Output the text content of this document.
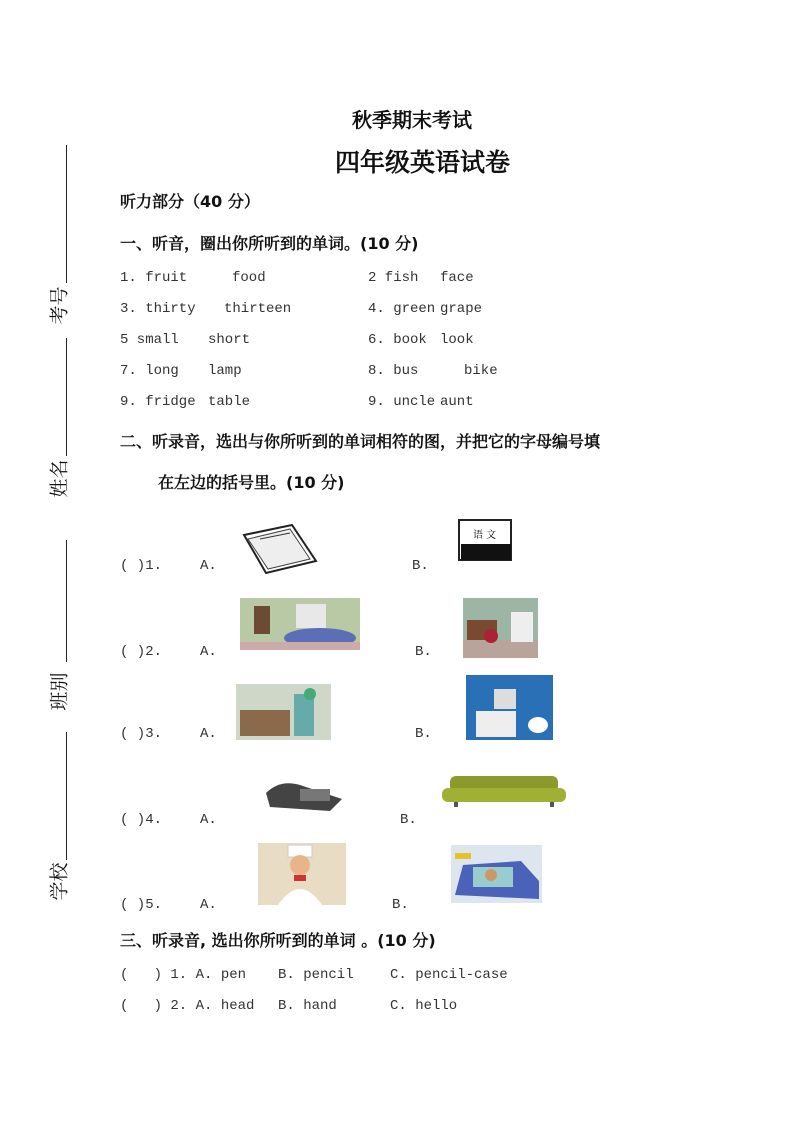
考号
姓名
班别
学校
秋季期末考试
四年级英语试卷
听力部分（40 分）
一、听音，圈出你所听到的单词。(10 分)
1. fruit	food	2 fish face
3. thirty thirteen	4. green grape
5 small short	6. book look
7. long lamp	8. bus	bike
9. fridge table	9. uncle aunt
二、听录音，选出与你所听到的单词相符的图，并把它的字母编号填
在左边的括号里。(10 分)
( )1.	A.	B.
( )2.	A.	B.
( )3.	A.	B.
( )4.	A.	B.
( )5.	A.	B.
语 文
三、听录音, 选出你所听到的单词 。(10 分)
(   ) 1. A. pen B. pencil	C. pencil-case
(   ) 2. A. head B. hand	C. hello
